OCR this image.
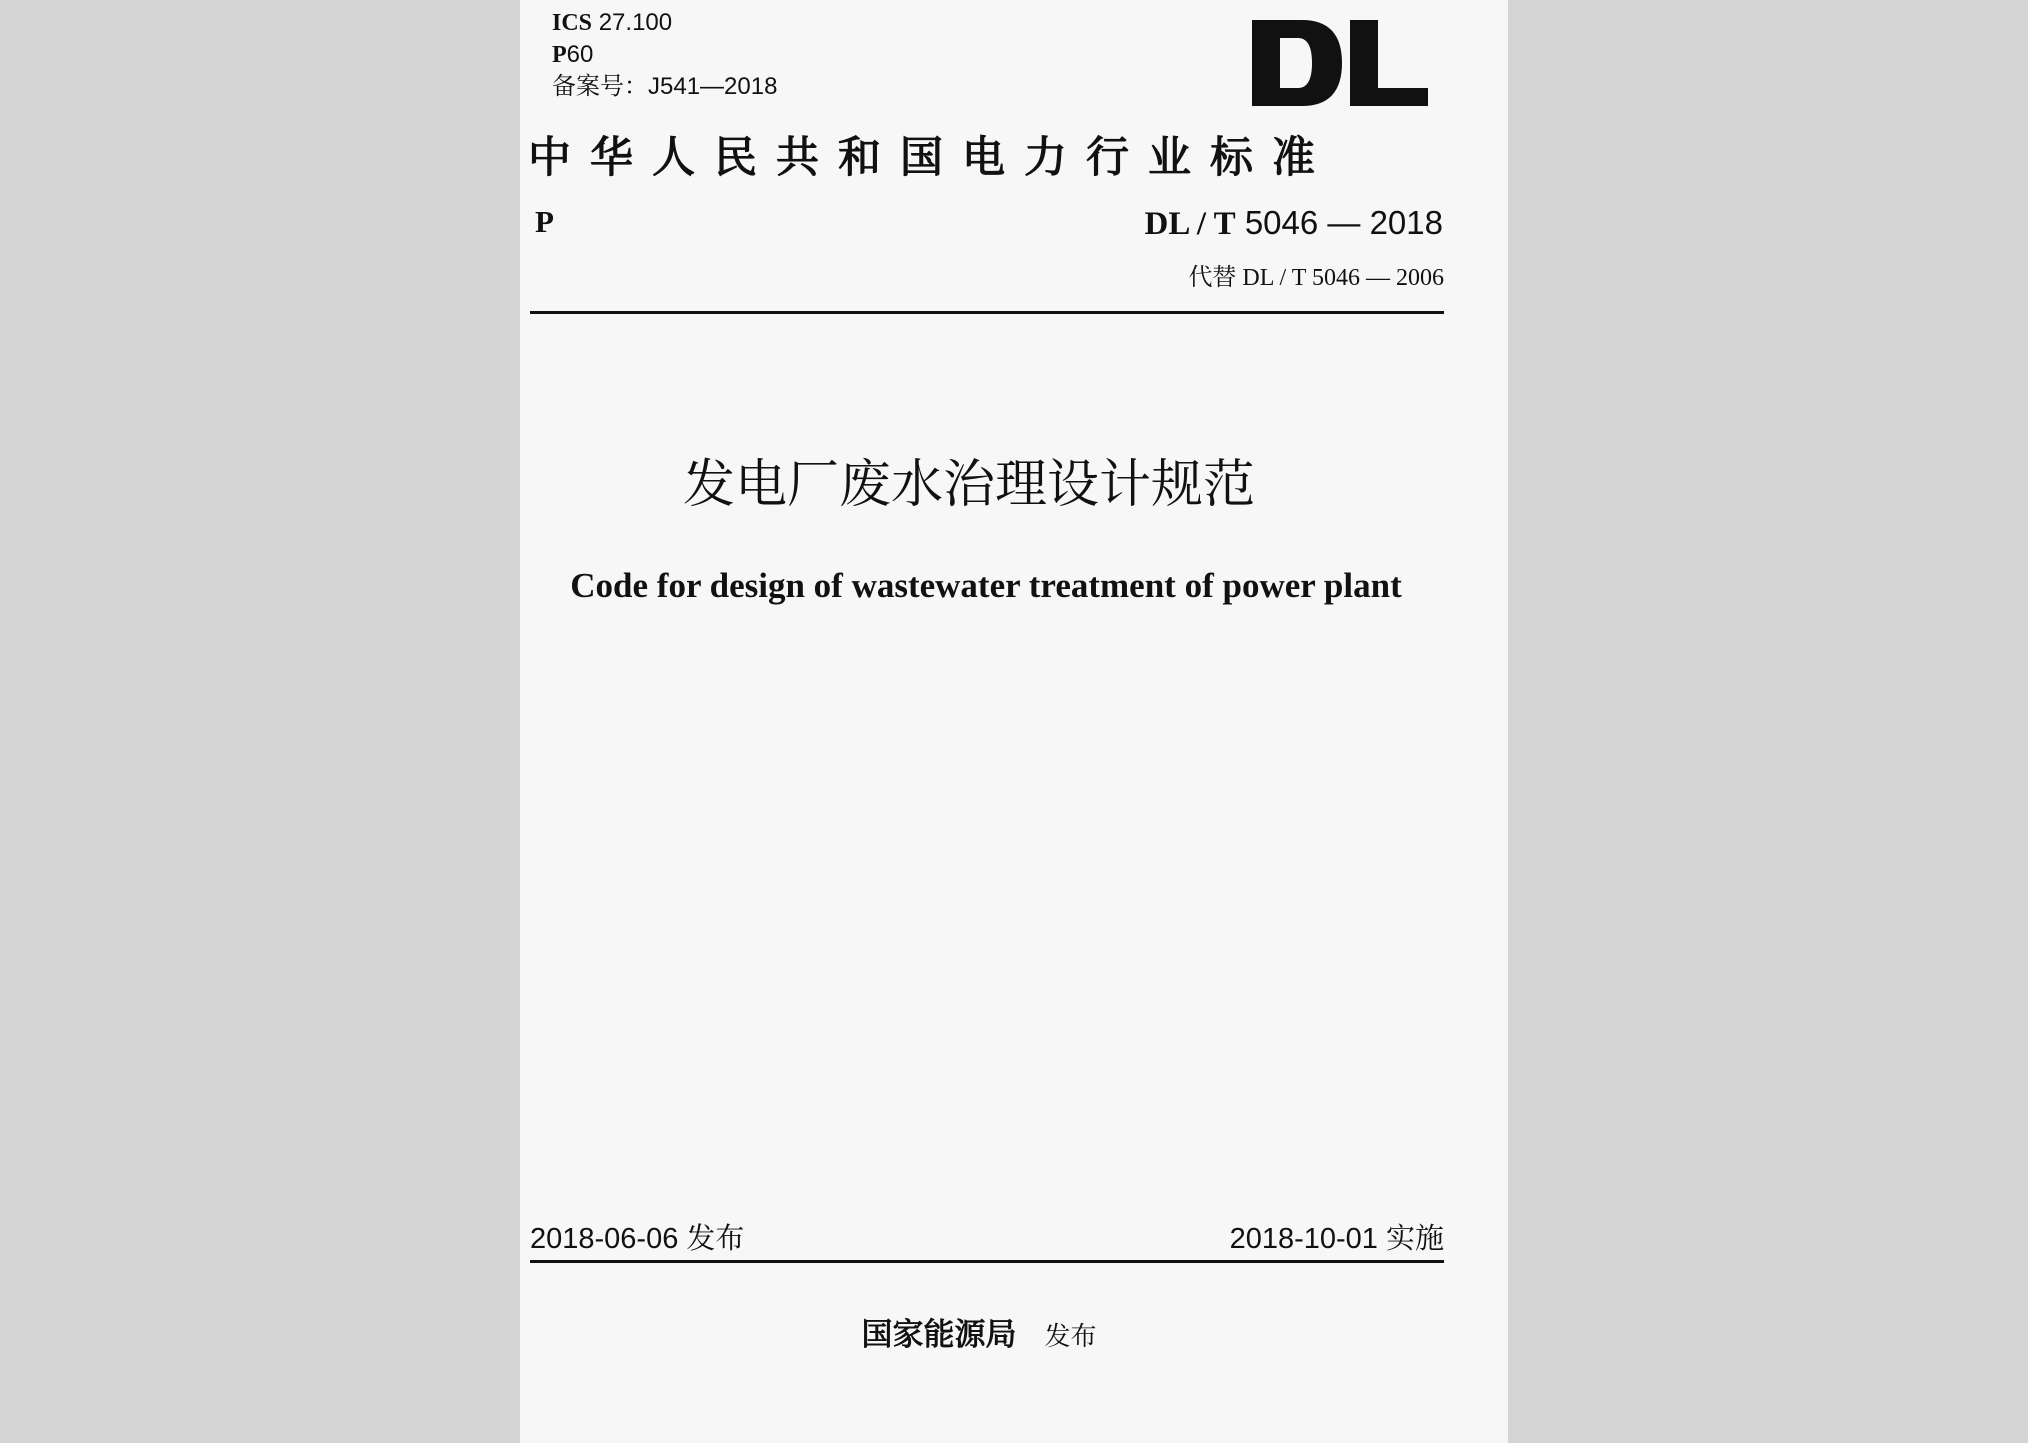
ICS 27.100
P60
备案号：J541—2018
中华人民共和国电力行业标准
P	DL / T 5046 — 2018
代替 DL / T 5046 — 2006
发电厂废水治理设计规范
Code for design of wastewater treatment of power plant
2018-06-06 发布	2018-10-01 实施
国家能源局 发布
